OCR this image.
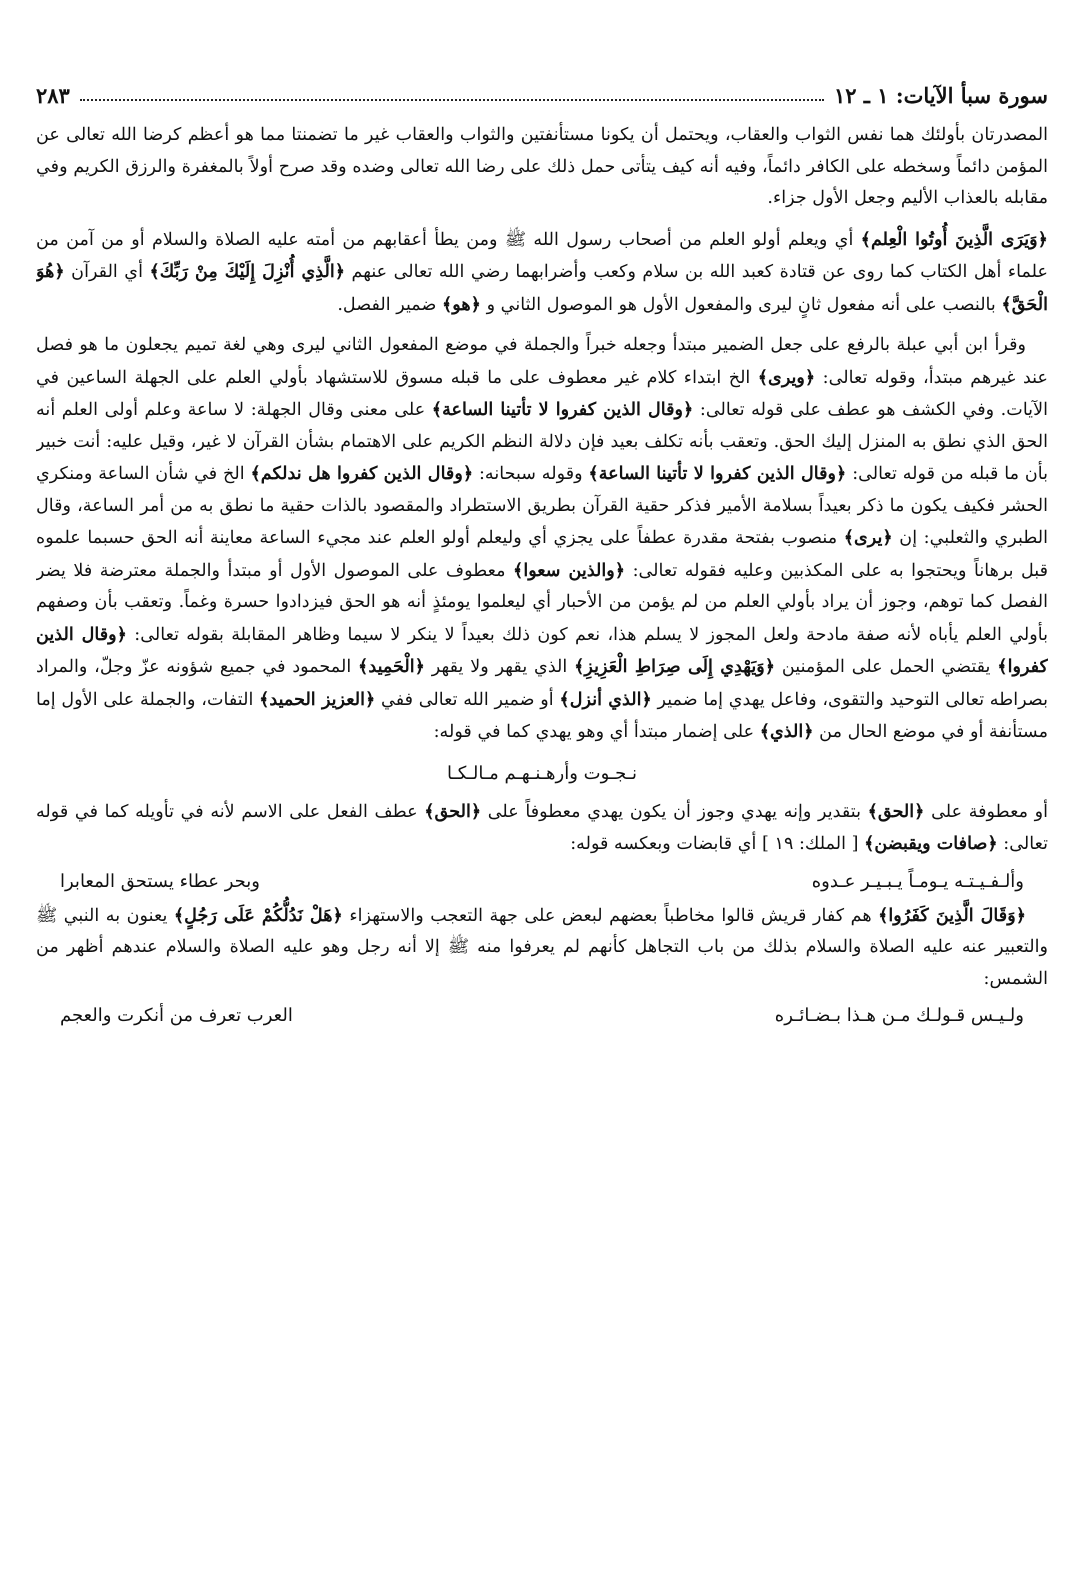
سورة سبأ الآيات: ١ ـ ١٢
٢٨٣

المصدرتان بأولئك هما نفس الثواب والعقاب، ويحتمل أن يكونا مستأنفتين والثواب والعقاب غير ما تضمنتا مما هو أعظم كرضا الله تعالى عن المؤمن دائماً وسخطه على الكافر دائماً، وفيه أنه كيف يتأتى حمل ذلك على رضا الله تعالى وضده وقد صرح أولاً بالمغفرة والرزق الكريم وفي مقابله بالعذاب الأليم وجعل الأول جزاء.

﴿وَيَرَى الَّذِينَ أُوتُوا الْعِلم﴾ أي ويعلم أولو العلم من أصحاب رسول الله ﷺ ومن يطأ أعقابهم من أمته عليه الصلاة والسلام أو من آمن من علماء أهل الكتاب كما روى عن قتادة كعبد الله بن سلام وكعب وأضرابهما رضي الله تعالى عنهم ﴿الَّذِي أُنْزِلَ إِلَيْكَ مِنْ رَبِّكَ﴾ أي القرآن ﴿هُوَ الْحَقَّ﴾ بالنصب على أنه مفعول ثانٍ ليرى والمفعول الأول هو الموصول الثاني و ﴿هو﴾ ضمير الفصل.

وقرأ ابن أبي عبلة بالرفع على جعل الضمير مبتدأ وجعله خبراً والجملة في موضع المفعول الثاني ليرى وهي لغة تميم يجعلون ما هو فصل عند غيرهم مبتدأ، وقوله تعالى: ﴿ويرى﴾ الخ ابتداء كلام غير معطوف على ما قبله مسوق للاستشهاد بأولي العلم على الجهلة الساعين في الآيات. وفي الكشف هو عطف على قوله تعالى: ﴿وقال الذين كفروا لا تأتينا الساعة﴾ على معنى وقال الجهلة: لا ساعة وعلم أولى العلم أنه الحق الذي نطق به المنزل إليك الحق. وتعقب بأنه تكلف بعيد فإن دلالة النظم الكريم على الاهتمام بشأن القرآن لا غير، وقيل عليه: أنت خبير بأن ما قبله من قوله تعالى: ﴿وقال الذين كفروا لا تأتينا الساعة﴾ وقوله سبحانه: ﴿وقال الذين كفروا هل ندلكم﴾ الخ في شأن الساعة ومنكري الحشر فكيف يكون ما ذكر بعيداً بسلامة الأمير فذكر حقية القرآن بطريق الاستطراد والمقصود بالذات حقية ما نطق به من أمر الساعة، وقال الطبري والثعلبي: إن ﴿يرى﴾ منصوب بفتحة مقدرة عطفاً على يجزي أي وليعلم أولو العلم عند مجيء الساعة معاينة أنه الحق حسبما علموه قبل برهاناً ويحتجوا به على المكذبين وعليه فقوله تعالى: ﴿والذين سعوا﴾ معطوف على الموصول الأول أو مبتدأ والجملة معترضة فلا يضر الفصل كما توهم، وجوز أن يراد بأولي العلم من لم يؤمن من الأحبار أي ليعلموا يومئذٍ أنه هو الحق فيزدادوا حسرة وغماً. وتعقب بأن وصفهم بأولي العلم يأباه لأنه صفة مادحة ولعل المجوز لا يسلم هذا، نعم كون ذلك بعيداً لا ينكر لا سيما وظاهر المقابلة بقوله تعالى: ﴿وقال الذين كفروا﴾ يقتضي الحمل على المؤمنين ﴿وَيَهْدِي إِلَى صِرَاطِ الْعَزِيزِ﴾ الذي يقهر ولا يقهر ﴿الْحَمِيد﴾ المحمود في جميع شؤونه عزّ وجلّ، والمراد بصراطه تعالى التوحيد والتقوى، وفاعل يهدي إما ضمير ﴿الذي أنزل﴾ أو ضمير الله تعالى ففي ﴿العزيز الحميد﴾ التفات، والجملة على الأول إما مستأنفة أو في موضع الحال من ﴿الذي﴾ على إضمار مبتدأ أي وهو يهدي كما في قوله:

نـجـوت وأرهـنـهـم مـالـكـا

أو معطوفة على ﴿الحق﴾ بتقدير وإنه يهدي وجوز أن يكون يهدي معطوفاً على ﴿الحق﴾ عطف الفعل على الاسم لأنه في تأويله كما في قوله تعالى: ﴿صافات ويقبضن﴾ [ الملك: ١٩ ] أي قابضات وبعكسه قوله:

وألـفـيـتـه يـومـاً يـبـيـر عـدوه
وبحر عطاء يستحق المعابرا

﴿وَقَالَ الَّذِينَ كَفَرُوا﴾ هم كفار قريش قالوا مخاطباً بعضهم لبعض على جهة التعجب والاستهزاء ﴿هَلْ نَدُلُّكُمْ عَلَى رَجُلٍ﴾ يعنون به النبي ﷺ والتعبير عنه عليه الصلاة والسلام بذلك من باب التجاهل كأنهم لم يعرفوا منه ﷺ إلا أنه رجل وهو عليه الصلاة والسلام عندهم أظهر من الشمس:

ولـيـس قـولـك مـن هـذا بـضـائـره
العرب تعرف من أنكرت والعجم
